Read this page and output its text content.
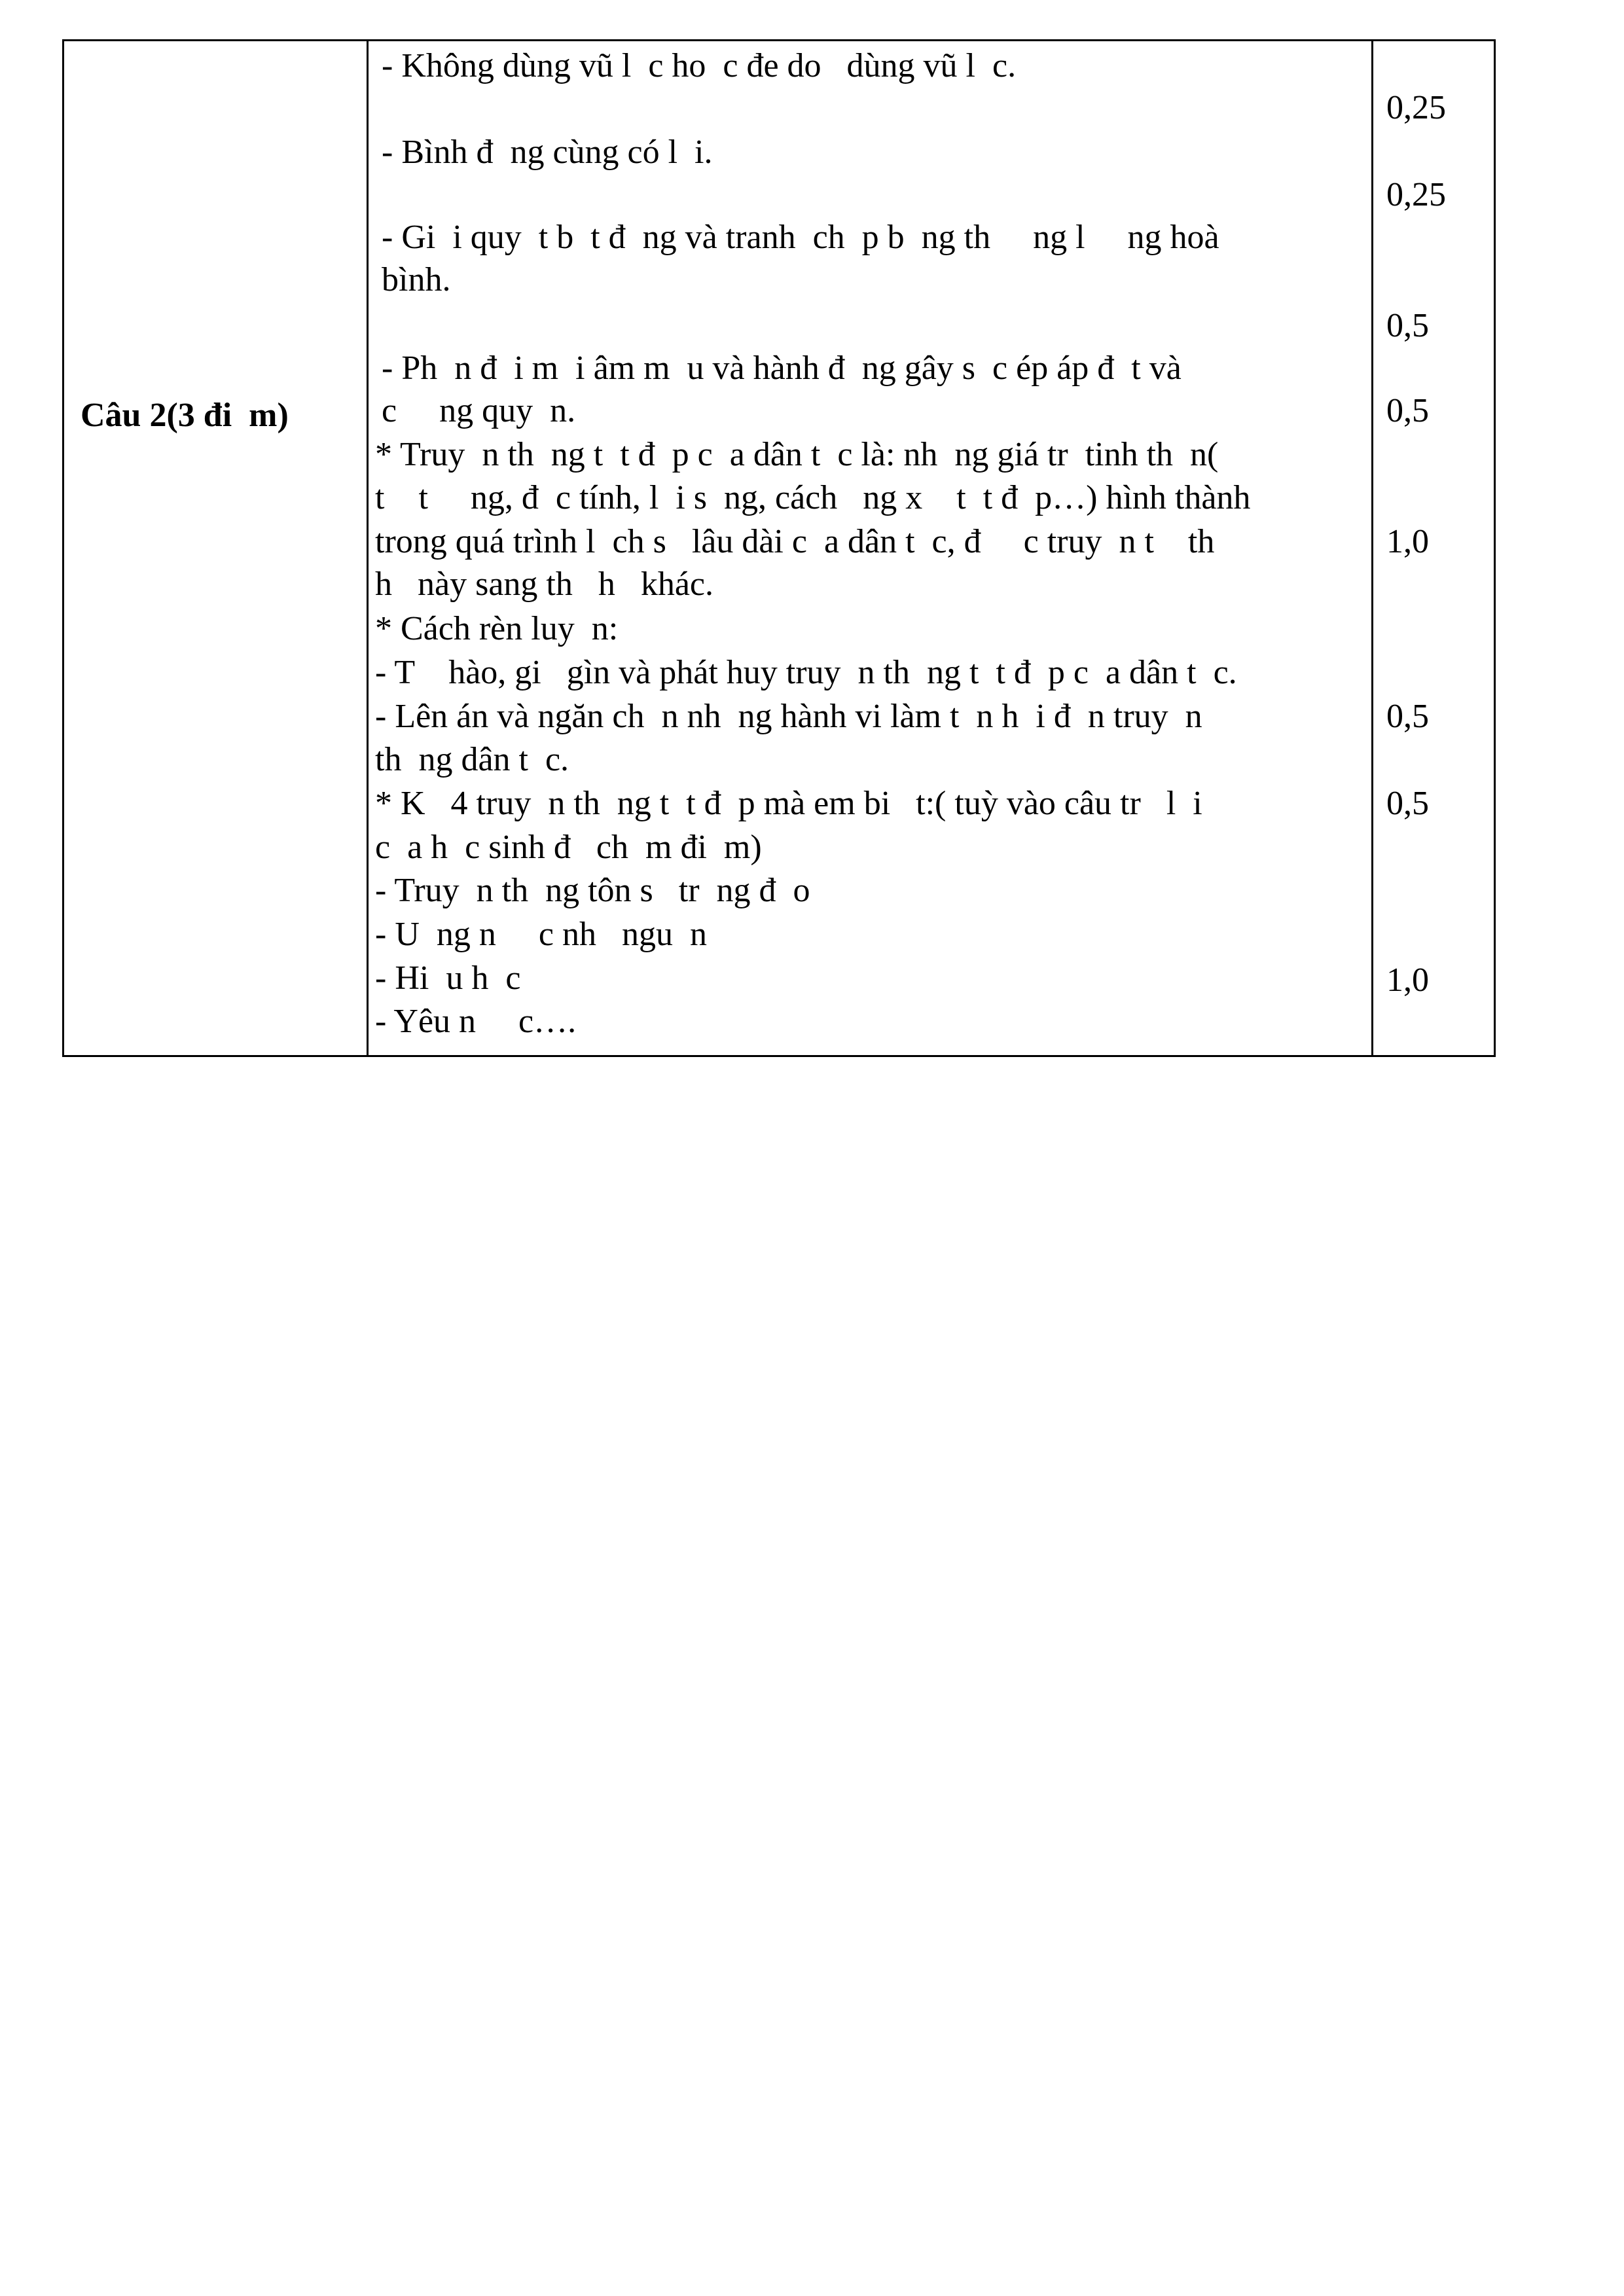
Câu 2(3 đi  m)
- Không dùng vũ l  c ho  c đe do   dùng vũ l  c.
- Bình đ  ng cùng có l  i.
- Gi  i quy  t b  t đ  ng và tranh  ch  p b  ng th     ng l     ng hoà
bình.
- Ph  n đ  i m  i âm m  u và hành đ  ng gây s  c ép áp đ  t và
c     ng quy  n.
* Truy  n th  ng t  t đ  p c  a dân t  c là: nh  ng giá tr  tinh th  n(
t    t     ng, đ  c tính, l  i s  ng, cách   ng x    t  t đ  p…) hình thành
trong quá trình l  ch s   lâu dài c  a dân t  c, đ     c truy  n t    th
h   này sang th   h   khác.
* Cách rèn luy  n:
- T    hào, gi   gìn và phát huy truy  n th  ng t  t đ  p c  a dân t  c.
- Lên án và ngăn ch  n nh  ng hành vi làm t  n h  i đ  n truy  n
th  ng dân t  c.
* K   4 truy  n th  ng t  t đ  p mà em bi   t:( tuỳ vào câu tr   l  i
c  a h  c sinh đ   ch  m đi  m)
- Truy  n th  ng tôn s   tr  ng đ  o
- U  ng n     c nh   ngu  n
- Hi  u h  c
- Yêu n     c….
0,25
0,25
0,5
0,5
1,0
0,5
0,5
1,0
